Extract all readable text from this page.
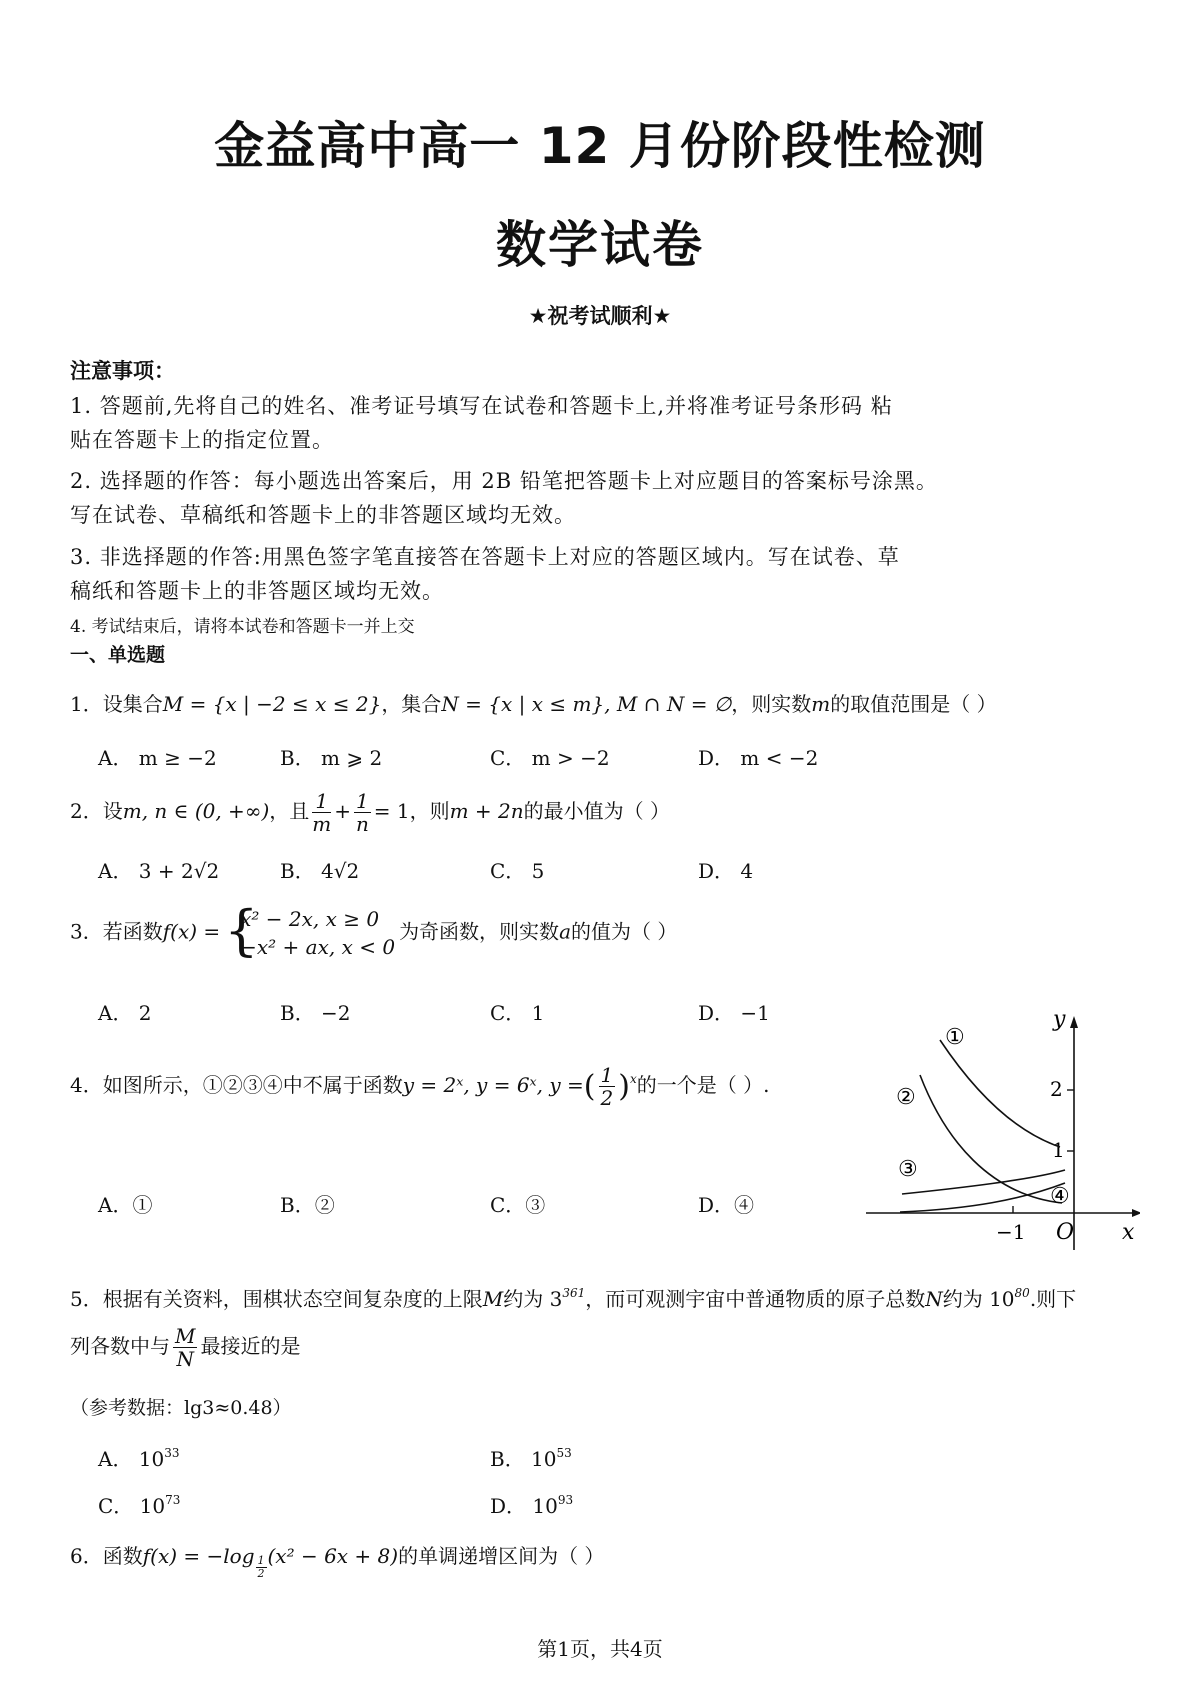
金益高中高一 12 月份阶段性检测
数学试卷
★祝考试顺利★
注意事项：
1. 答题前,先将自己的姓名、准考证号填写在试卷和答题卡上,并将准考证号条形码 粘
贴在答题卡上的指定位置。
2. 选择题的作答：每小题选出答案后，用 2B 铅笔把答题卡上对应题目的答案标号涂黑。
写在试卷、草稿纸和答题卡上的非答题区域均无效。
3. 非选择题的作答:用黑色签字笔直接答在答题卡上对应的答题区域内。写在试卷、草
稿纸和答题卡上的非答题区域均无效。
4. 考试结束后，请将本试卷和答题卡一并上交
一、单选题
1．设集合M = {x | −2 ≤ x ≤ 2}，集合N = {x | x ≤ m}, M ∩ N = ∅，则实数m的取值范围是（ ）
A． m ≥ −2	B． m ⩾ 2	C． m > −2	D． m < −2
2．设m, n ∈ (0, +∞)，且 $\frac{1}{m} + \frac{1}{n} = 1$，则m + 2n的最小值为（ ）
A． 3 + 2√2	B． 4√2	C． 5	D． 4
3．若函数f(x) = {
x² − 2x, x ≥ 0
−x² + ax, x < 0
为奇函数，则实数a的值为（ ）
A． 2	B． −2	C． 1	D． −1
4．如图所示，①②③④中不属于函数y = 2ˣ, y = 6ˣ, y =( $\frac{1}{2} )^x$的一个是（ ）.
A．①	B．②	C．③	D．④
y
x
O
2
1
−1
①
②
③
④
5．根据有关资料，围棋状态空间复杂度的上限M约为 $3^{361}$，而可观测宇宙中普通物质的原子总数N约为 $10^{80}$.则下
列各数中与 $\frac{M}{N}$ 最接近的是
（参考数据：lg3≈0.48）
A． $10^{33}$	B． $10^{53}$
C． $10^{73}$	D． $10^{93}$
6．函数$f(x) = -\log \frac{1}{2} (x^2 - 6x + 8)$的单调递增区间为（ ）
第1页，共4页
